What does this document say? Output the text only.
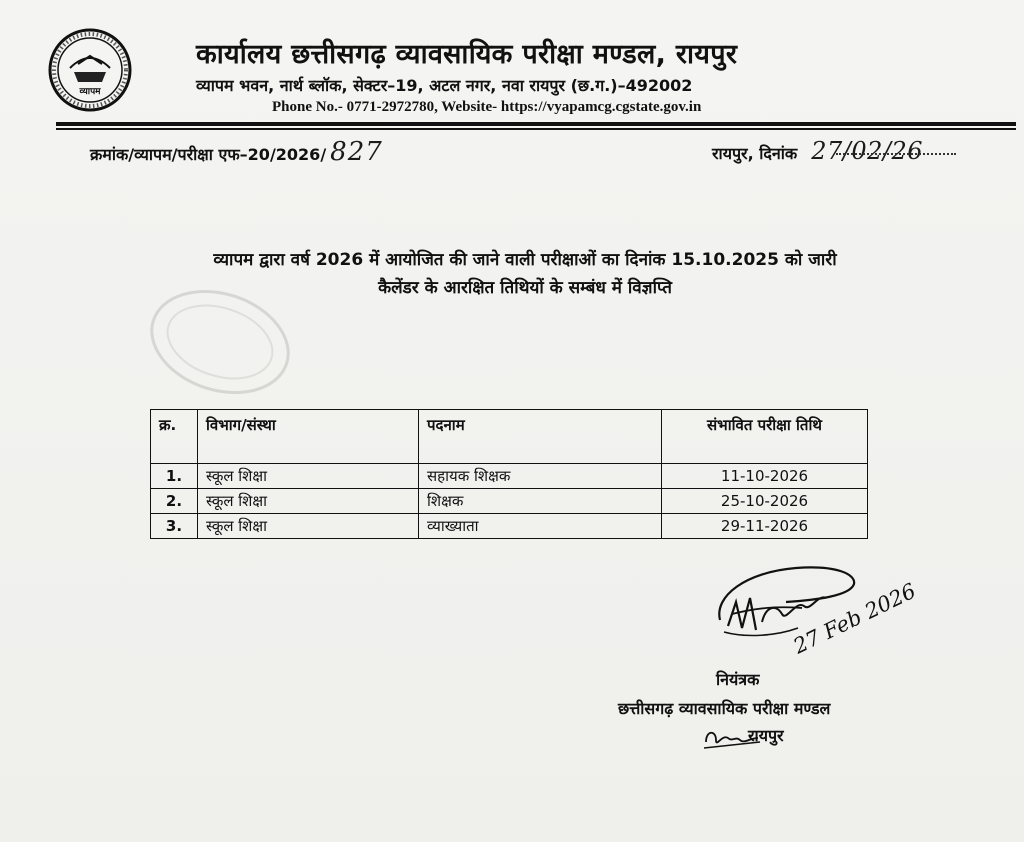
व्यापम
कार्यालय छत्तीसगढ़ व्यावसायिक परीक्षा मण्डल, रायपुर
व्यापम भवन, नार्थ ब्लॉक, सेक्टर–19, अटल नगर, नवा रायपुर (छ.ग.)–492002
Phone No.- 0771-2972780, Website- https://vyapamcg.cgstate.gov.in
क्रमांक/व्यापम/परीक्षा एफ–20/2026/ 827	रायपुर, दिनांक 27/02/26
व्यापम द्वारा वर्ष 2026 में आयोजित की जाने वाली परीक्षाओं का दिनांक 15.10.2025 को जारी
कैलेंडर के आरक्षित तिथियों के सम्बंध में विज्ञप्ति
क्र.	विभाग/संस्था	पदनाम	संभावित परीक्षा तिथि
1.	स्कूल शिक्षा	सहायक शिक्षक	11-10-2026
2.	स्कूल शिक्षा	शिक्षक	25-10-2026
3.	स्कूल शिक्षा	व्याख्याता	29-11-2026
27 Feb 2026
नियंत्रक
छत्तीसगढ़ व्यावसायिक परीक्षा मण्डल
रायपुर
